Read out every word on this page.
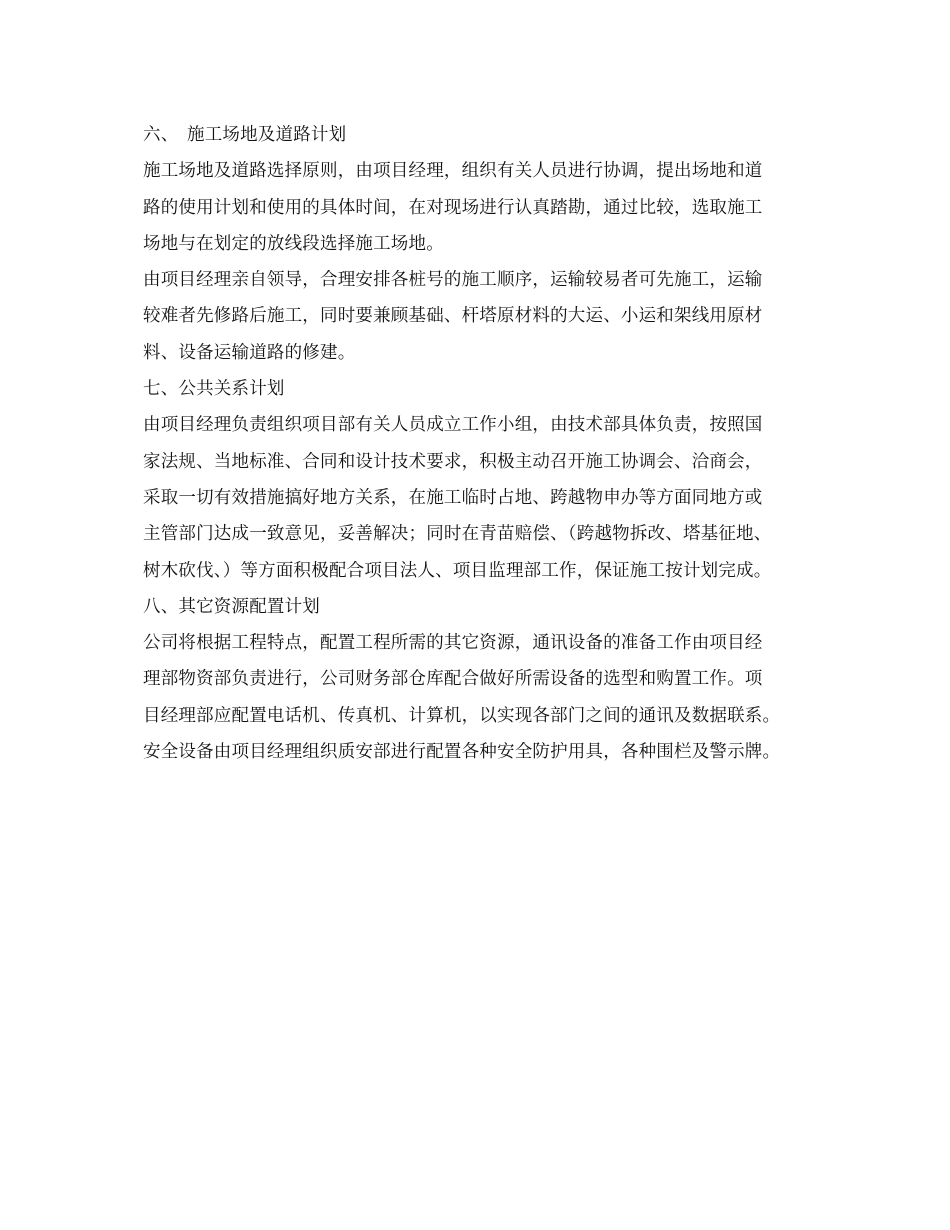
六、 施工场地及道路计划
施工场地及道路选择原则，由项目经理，组织有关人员进行协调，提出场地和道
路的使用计划和使用的具体时间，在对现场进行认真踏勘，通过比较，选取施工
场地与在划定的放线段选择施工场地。
由项目经理亲自领导，合理安排各桩号的施工顺序，运输较易者可先施工，运输
较难者先修路后施工，同时要兼顾基础、杆塔原材料的大运、小运和架线用原材
料、设备运输道路的修建。
七、公共关系计划
由项目经理负责组织项目部有关人员成立工作小组，由技术部具体负责，按照国
家法规、当地标准、合同和设计技术要求，积极主动召开施工协调会、洽商会，
采取一切有效措施搞好地方关系，在施工临时占地、跨越物申办等方面同地方或
主管部门达成一致意见，妥善解决；同时在青苗赔偿、（跨越物拆改、塔基征地、
树木砍伐、）等方面积极配合项目法人、项目监理部工作，保证施工按计划完成。
八、其它资源配置计划
公司将根据工程特点，配置工程所需的其它资源，通讯设备的准备工作由项目经
理部物资部负责进行，公司财务部仓库配合做好所需设备的选型和购置工作。项
目经理部应配置电话机、传真机、计算机，以实现各部门之间的通讯及数据联系。
安全设备由项目经理组织质安部进行配置各种安全防护用具，各种围栏及警示牌。
